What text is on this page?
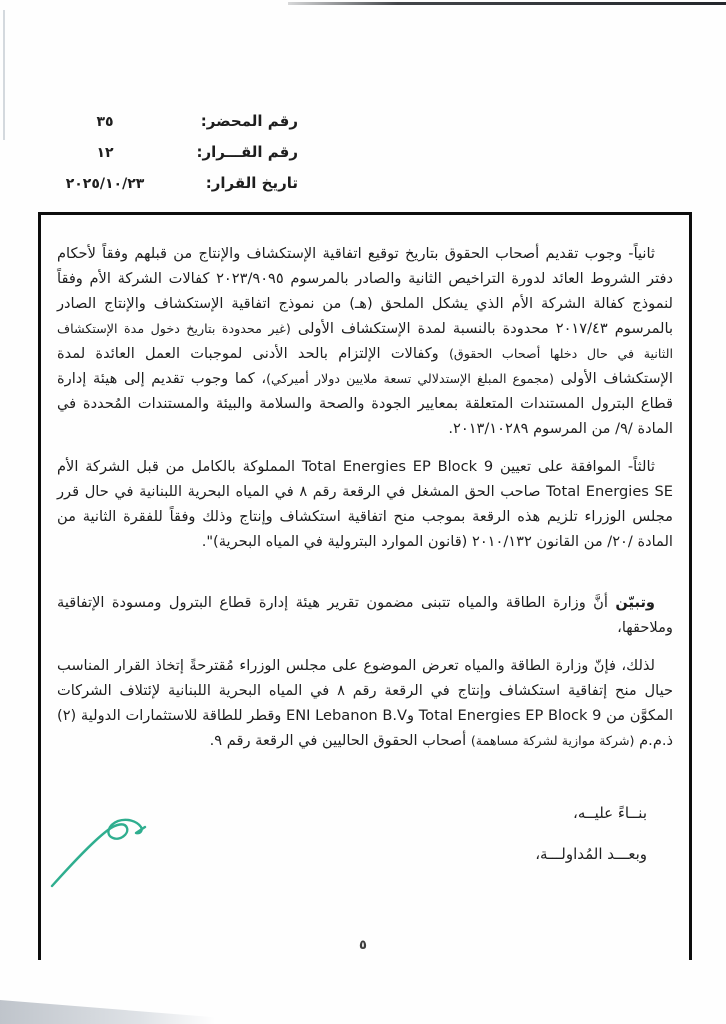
رقم المحضر:
٣٥
رقم القـــرار:
١٢
تاريخ القرار:
٢٠٢٥/١٠/٢٣

ثانياً- وجوب تقديم أصحاب الحقوق بتاريخ توقيع اتفاقية الإستكشاف والإنتاج من قبلهم وفقاً لأحكام دفتر الشروط العائد لدورة التراخيص الثانية والصادر بالمرسوم ٢٠٢٣/٩٠٩٥ كفالات الشركة الأم وفقاً لنموذج كفالة الشركة الأم الذي يشكل الملحق (هـ) من نموذج اتفاقية الإستكشاف والإنتاج الصادر بالمرسوم ٢٠١٧/٤٣ محدودة بالنسبة لمدة الإستكشاف الأولى (غير محدودة بتاريخ دخول مدة الإستكشاف الثانية في حال دخلها أصحاب الحقوق) وكفالات الإلتزام بالحد الأدنى لموجبات العمل العائدة لمدة الإستكشاف الأولى (مجموع المبلغ الإستدلالي تسعة ملايين دولار أميركي)، كما وجوب تقديم إلى هيئة إدارة قطاع البترول المستندات المتعلقة بمعايير الجودة والصحة والسلامة والبيئة والمستندات المُحددة في المادة /٩/ من المرسوم ٢٠١٣/١٠٢٨٩.

ثالثاً- الموافقة على تعيين Total Energies EP Block 9 المملوكة بالكامل من قبل الشركة الأم Total Energies SE صاحب الحق المشغل في الرقعة رقم ٨ في المياه البحرية اللبنانية في حال قرر مجلس الوزراء تلزيم هذه الرقعة بموجب منح اتفاقية استكشاف وإنتاج وذلك وفقاً للفقرة الثانية من المادة /٢٠/ من القانون ٢٠١٠/١٣٢ (قانون الموارد البترولية في المياه البحرية)".

وتبيّن أنَّ وزارة الطاقة والمياه تتبنى مضمون تقرير هيئة إدارة قطاع البترول ومسودة الإتفاقية وملاحقها،

لذلك، فإنّ وزارة الطاقة والمياه تعرض الموضوع على مجلس الوزراء مُقترحةً إتخاذ القرار المناسب حيال منح إتفاقية استكشاف وإنتاج في الرقعة رقم ٨ في المياه البحرية اللبنانية لإئتلاف الشركات المكوَّن من Total Energies EP Block 9 وENI Lebanon B.V وقطر للطاقة للاستثمارات الدولية (٢) ذ.م.م (شركة موازية لشركة مساهمة) أصحاب الحقوق الحاليين في الرقعة رقم ٩.

بنــاءً عليــه،

وبعـــد المُداولـــة،

٥
